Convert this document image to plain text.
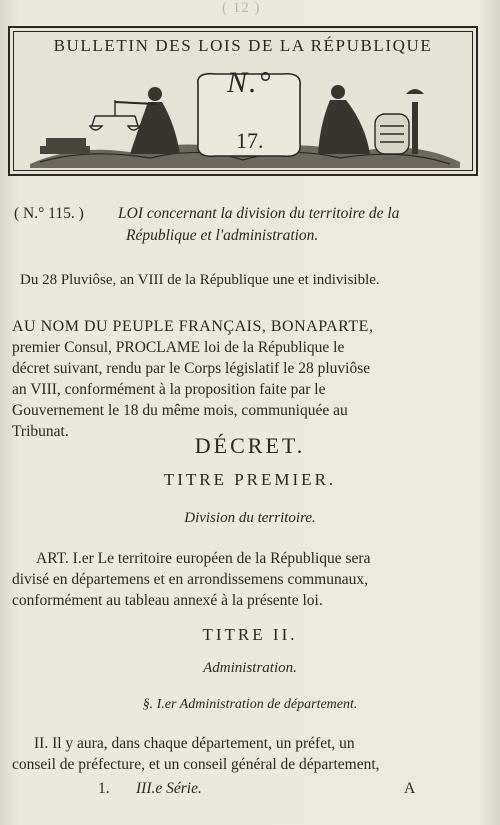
( 12 )
BULLETIN DES LOIS DE LA RÉPUBLIQUE
N.°
17.
( N.° 115. ) LOI concernant la division du territoire de la
République et l'administration.
Du 28 Pluviôse, an VIII de la République une et indivisible.
AU NOM DU PEUPLE FRANÇAIS, BONAPARTE,
premier Consul, PROCLAME loi de la République le
décret suivant, rendu par le Corps législatif le 28 pluviôse
an VIII, conformément à la proposition faite par le
Gouvernement le 18 du même mois, communiquée au
Tribunat.
DÉCRET.
TITRE PREMIER.
Division du territoire.
ART. I.er Le territoire européen de la République sera
divisé en départemens et en arrondissemens communaux,
conformément au tableau annexé à la présente loi.
TITRE II.
Administration.
§. I.er Administration de département.
II. Il y aura, dans chaque département, un préfet, un
conseil de préfecture, et un conseil général de département,
1. III.e Série.	A
